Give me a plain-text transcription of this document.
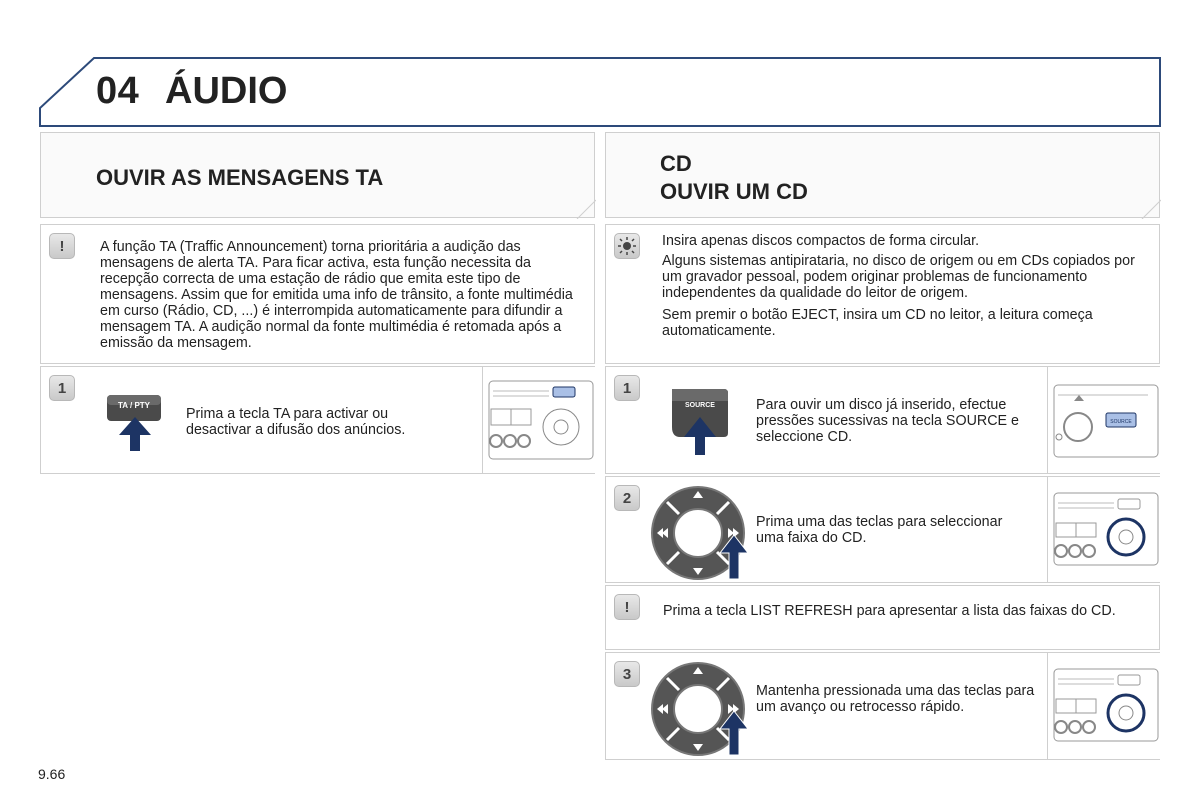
04 ÁUDIO
OUVIR AS MENSAGENS TA
!	A função TA (Traffic Announcement) torna prioritária a audição das mensagens de alerta TA. Para ficar activa, esta função necessita da recepção correcta de uma estação de rádio que emita este tipo de mensagens. Assim que for emitida uma info de trânsito, a fonte multimédia em curso (Rádio, CD, ...) é interrompida automaticamente para difundir a mensagem TA. A audição normal da fonte multimédia é retomada após a emissão da mensagem.
1
TA / PTY
Prima a tecla TA para activar ou desactivar a difusão dos anúncios.
CD
OUVIR UM CD
Insira apenas discos compactos de forma circular.
Alguns sistemas antipirataria, no disco de origem ou em CDs copiados por um gravador pessoal, podem originar problemas de funcionamento independentes da qualidade do leitor de origem.
Sem premir o botão EJECT, insira um CD no leitor, a leitura começa automaticamente.
1
SOURCE	Para ouvir um disco já inserido, efectue pressões sucessivas na tecla SOURCE e seleccione CD.
SOURCE
2
Prima uma das teclas para seleccionar uma faixa do CD.
!	Prima a tecla LIST REFRESH para apresentar a lista das faixas do CD.
3
Mantenha pressionada uma das teclas para um avanço ou retrocesso rápido.
9.66
